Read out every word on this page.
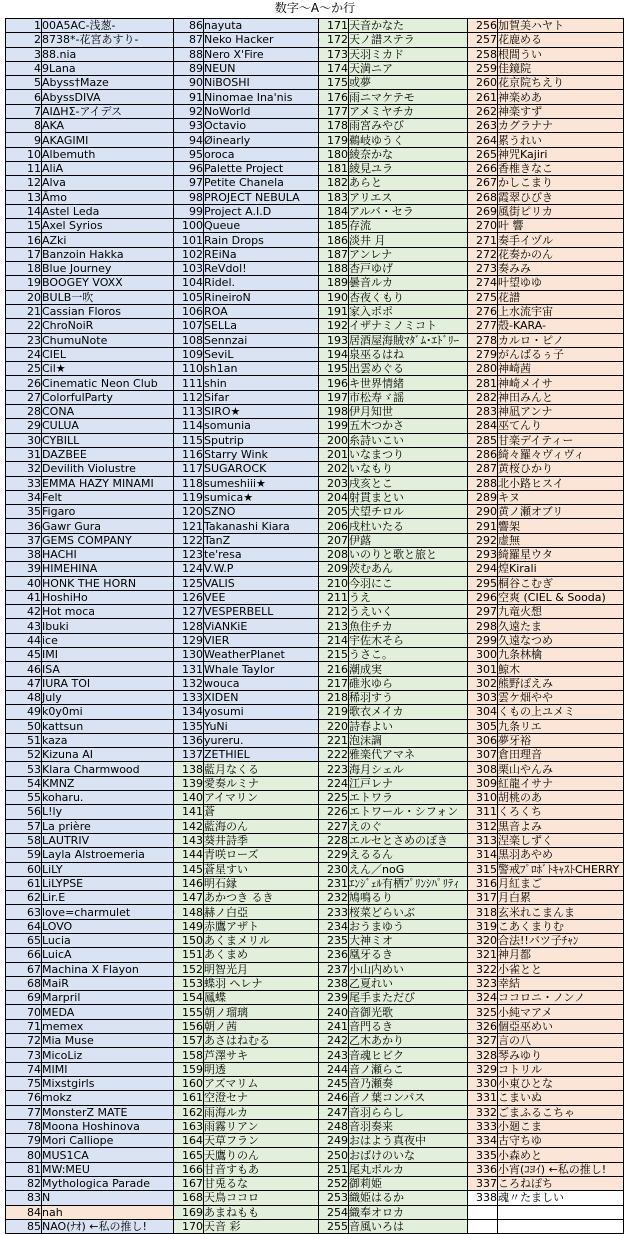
数字〜A〜か行
1	00A5AC-浅葱-	86	nayuta	171	天音かなた	256	加賀美ハヤト
2	8738*-花宮あすり-	87	Neko Hacker	172	天ノ譜ステラ	257	花鹿める
3	88.nia	88	Nero X'Fire	173	天羽ミカド	258	根間うい
4	9Lana	89	NEUN	174	天満ニア	259	佳鏡院
5	Abyss†Maze	90	NiBOSHI	175	或夢	260	花京院ちえり
6	AbyssDIVA	91	Ninomae Ina'nis	176	雨ニマケテモ	261	神楽めあ
7	ΑΙΔΗΣ-アイデス	92	NoWorld	177	アメミヤチカ	262	神楽すず
8	AKA	93	Octavio	178	雨宮みやび	263	カグラナナ
9	AKAGIMI	94	Øinearly	179	鵜岐ゆうく	264	累うれい
10	Albemuth	95	oroca	180	綾奈かな	265	神咒Kajiri
11	AliA	96	Palette Project	181	綾見ユラ	266	香椎きなこ
12	Alva	97	Petite Chanela	182	あらと	267	かしこまり
13	Āmo	98	PROJECT NEBULA	183	アリエス	268	霞翠ひびき
14	Astel Leda	99	Project A.I.D	184	アルバ・セラ	269	風街ピリカ
15	Axel Syrios	100	Queue	185	存流	270	叶 響
16	AZki	101	Rain Drops	186	淡井 月	271	奏手イヅル
17	Banzoin Hakka	102	REiNa	187	アンレナ	272	花奏かのん
18	Blue Journey	103	ReVdol!	188	杏戸ゆげ	273	奏みみ
19	BOOGEY VOXX	104	Ridel.	189	曇音ルカ	274	叶望ゆゆ
20	BULB一吹	105	RineiroN	190	杏夜くもり	275	花譜
21	Cassian Floros	106	ROA	191	家入ポポ	276	上水流宇宙
22	ChroNoiR	107	SELLa	192	イザナミノミコト	277	殻-KARA-
23	ChumuNote	108	Sennzai	193	居酒屋海賊ﾏﾀﾞﾑ･ｴﾄﾞﾘｰ	278	カルロ・ピノ
24	CIEL	109	SeviL	194	泉巫るはね	279	がんばるぅ子
25	Cil★	110	sh1an	195	出雲めぐる	280	神崎茜
26	Cinematic Neon Club	111	shin	196	キ世界情緒	281	神崎メイサ
27	ColorfulParty	112	Sifar	197	市松寿ゞ謡	282	神田みんと
28	CONA	113	SIRO★	198	伊月知世	283	神凪アンナ
29	CULUA	114	somunia	199	五木つかさ	284	巫てんり
30	CYBILL	115	Sputrip	200	糸詩いこい	285	甘楽デイティー
31	DAZBEE	116	Starry Wink	201	いなまつり	286	綺々羅々ヴィヴィ
32	Devilith Violustre	117	SUGAROCK	202	いなもり	287	黄桜ひかり
33	EMMA HAZY MINAMI	118	sumeshiii★	203	戌亥とこ	288	北小路ヒスイ
34	Felt	119	sumica★	204	射貫まとい	289	キヌ
35	Figaro	120	SZNO	205	犬望チロル	290	黄ノ瀬オブリ
36	Gawr Gura	121	Takanashi Kiara	206	戌杜いたる	291	響架
37	GEMS COMPANY	122	TanZ	207	伊蕗	292	虚無
38	HACHI	123	te'resa	208	いのりと歌と旅と	293	綺羅星ウタ
39	HIMEHINA	124	V.W.P	209	茨むあん	294	煌Kirali
40	HONK THE HORN	125	VALIS	210	今羽にこ	295	桐谷こむぎ
41	HoshiHo	126	VEE	211	うえ	296	空爽 (CIEL & Sooda)
42	Hot moca	127	VESPERBELL	212	うえいく	297	九竜火想
43	Ibuki	128	ViANKiE	213	魚住チカ	298	久遠たま
44	ice	129	VIER	214	宇佐木そら	299	久遠なつめ
45	IMI	130	WeatherPlanet	215	うさこ。	300	九条林檎
46	ISA	131	Whale Taylor	216	潮成実	301	鯨木
47	IURA TOI	132	wouca	217	碓氷ゆら	302	熊野ぽえみ
48	July	133	XIDEN	218	稀羽すう	303	雲ケ畑やや
49	k0y0mi	134	yosumi	219	歌衣メイカ	304	くもの上ユメミ
50	kattsun	135	YuNi	220	詩春よい	305	九条リエ
51	kaza	136	yureru.	221	泡沫調	306	夢牙裕
52	Kizuna AI	137	ZETHIEL	222	雅楽代アマネ	307	倉田理音
53	Klara Charmwood	138	藍月なくる	223	海月シェル	308	栗山やんみ
54	KMNZ	139	愛奏ルミナ	224	江戸レナ	309	紅龍イサナ
55	koharu.	140	アイマリン	225	エトワラ	310	胡桃のあ
56	L!ly	141	蒼	226	エトワール・シフォン	311	くろくち
57	La prière	142	藍海のん	227	えのぐ	312	黒音よみ
58	LAUTRIV	143	葵井詩季	228	エルセとさめのぼき	313	涅楽しずく
59	Layla Alstroemeria	144	青咲ローズ	229	えるるん	314	黒羽あやめ
60	LiLY	145	蒼星すい	230	えん／noG	315	警戒ﾌﾟﾛﾎﾞﾄｷｬｽﾄCHERRY
61	LiLYPSE	146	明石縁	231	ｴﾝｼﾞｪﾙ有栖ﾌﾟﾘﾝｼﾊﾟﾘﾃｨ	316	月紅まご
62	Lir.E	147	あかつき るき	232	鳩鳴るり	317	月白累
63	love=charmulet	148	赫ノ白亞	233	桜菜どらいぶ	318	玄米れこまんま
64	LOVO	149	赤鷹アザト	234	おうまゆう	319	こあくまりむ
65	Lucia	150	あくまメリル	235	大神ミオ	320	合法!!バツ子ﾁｬﾝ
66	LuicA	151	あくまめ	236	凰牙るき	321	神月都
67	Machina X Flayon	152	明智光月	237	小山内めい	322	小雀とと
68	MaiR	153	蝶羽 ヘレナ	238	乙夏れい	323	幸結
69	Marpril	154	鳳蝶	239	尾手まただび	324	ココロニ・ノンノ
70	MEDA	155	朝ノ瑠璃	240	音御光歌	325	小純マアメ
71	memex	156	朝ノ茜	241	音門るき	326	個亞巫めい
72	Mia Muse	157	あさはねむる	242	乙木あかり	327	言の八
73	MicoLiz	158	芦澤サキ	243	音魂ヒビク	328	琴みゆり
74	MIMI	159	明透	244	音ノ瀬らこ	329	コトリル
75	Mixstgirls	160	アズマリム	245	音乃瀬奏	330	小東ひとな
76	mokz	161	空澄セナ	246	音ノ葉コンパス	331	こまいぬ
77	MonsterZ MATE	162	雨海ルカ	247	音羽ららし	332	ごまふるこちゃ
78	Moona Hoshinova	163	雨霧リアン	248	音羽奏来	333	小廻こま
79	Mori Calliope	164	天草フラン	249	おはよう真夜中	334	古守ちゆ
80	MUS1CA	165	天鷹りのん	250	おばけのいな	335	小森めと
81	MW:MEU	166	甘音すもあ	251	尾丸ポルカ	336	小宵(ｺﾖｲ) ←私の推し!
82	Mythologica Parade	167	甘兎るな	252	御莉姫	337	ころねぽち
83	N	168	天鳥ココロ	253	織姫はるか	338	魂〃たましい
84	nah	169	あまねもも	254	織奉オロカ		
85	NAO(ﾅｵ) ←私の推し!	170	天音 彩	255	音風いろは		
